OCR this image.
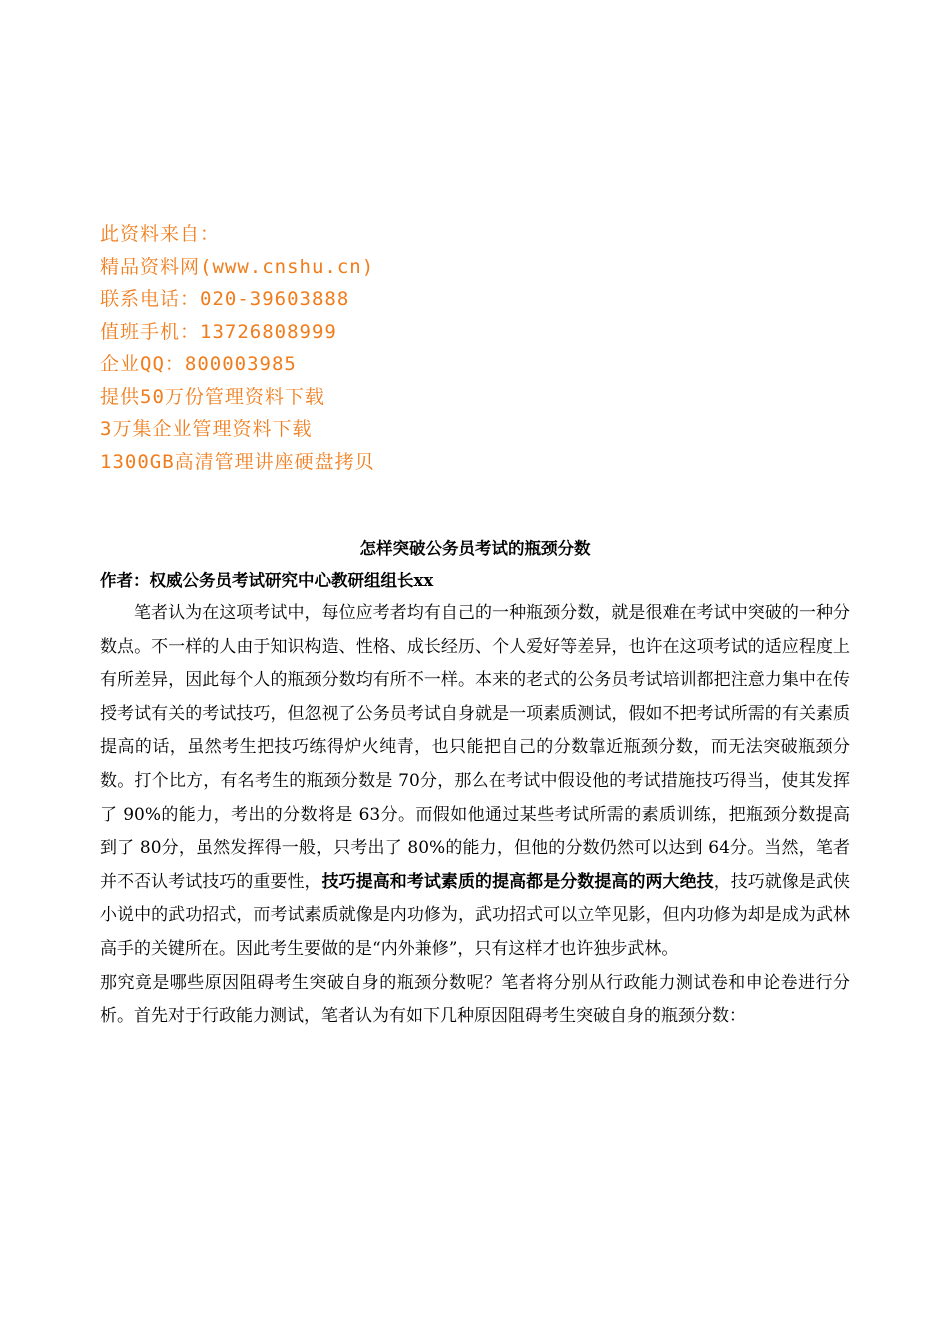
此资料来自：
精品资料网(www.cnshu.cn)
联系电话：020-39603888
值班手机：13726808999
企业QQ：800003985
提供50万份管理资料下载
3万集企业管理资料下载
1300GB高清管理讲座硬盘拷贝
怎样突破公务员考试的瓶颈分数

作者：权威公务员考试研究中心教研组组长xx

笔者认为在这项考试中，每位应考者均有自己的一种瓶颈分数，就是很难在考试中突破的一种分数点。不一样的人由于知识构造、性格、成长经历、个人爱好等差异，也许在这项考试的适应程度上有所差异，因此每个人的瓶颈分数均有所不一样。本来的老式的公务员考试培训都把注意力集中在传授考试有关的考试技巧，但忽视了公务员考试自身就是一项素质测试，假如不把考试所需的有关素质提高的话，虽然考生把技巧练得炉火纯青，也只能把自己的分数靠近瓶颈分数，而无法突破瓶颈分数。打个比方，有名考生的瓶颈分数是 70分，那么在考试中假设他的考试措施技巧得当，使其发挥了 90%的能力，考出的分数将是 63分。而假如他通过某些考试所需的素质训练，把瓶颈分数提高到了 80分，虽然发挥得一般，只考出了 80%的能力，但他的分数仍然可以达到 64分。当然，笔者并不否认考试技巧的重要性，技巧提高和考试素质的提高都是分数提高的两大绝技，技巧就像是武侠小说中的武功招式，而考试素质就像是内功修为，武功招式可以立竿见影，但内功修为却是成为武林高手的关键所在。因此考生要做的是“内外兼修”，只有这样才也许独步武林。

那究竟是哪些原因阻碍考生突破自身的瓶颈分数呢？笔者将分别从行政能力测试卷和申论卷进行分析。首先对于行政能力测试，笔者认为有如下几种原因阻碍考生突破自身的瓶颈分数：
